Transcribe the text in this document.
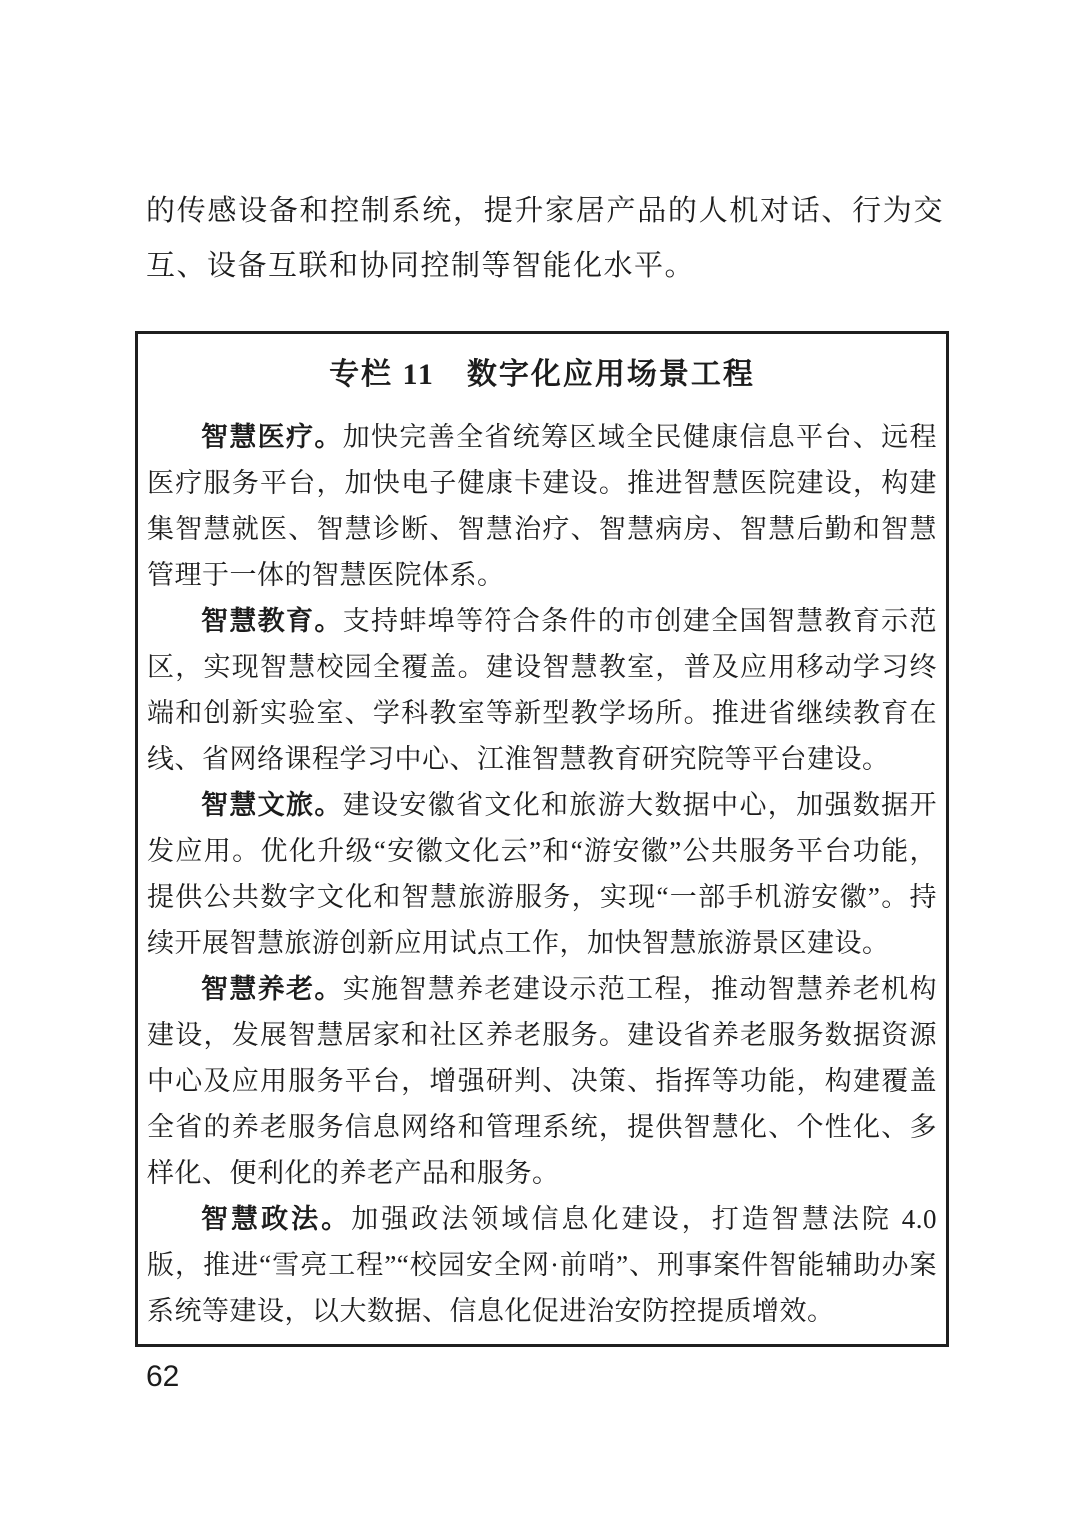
的传感设备和控制系统，提升家居产品的人机对话、行为交互、设备互联和协同控制等智能化水平。

专栏 11　数字化应用场景工程

智慧医疗。加快完善全省统筹区域全民健康信息平台、远程医疗服务平台，加快电子健康卡建设。推进智慧医院建设，构建集智慧就医、智慧诊断、智慧治疗、智慧病房、智慧后勤和智慧管理于一体的智慧医院体系。

智慧教育。支持蚌埠等符合条件的市创建全国智慧教育示范区，实现智慧校园全覆盖。建设智慧教室，普及应用移动学习终端和创新实验室、学科教室等新型教学场所。推进省继续教育在线、省网络课程学习中心、江淮智慧教育研究院等平台建设。

智慧文旅。建设安徽省文化和旅游大数据中心，加强数据开发应用。优化升级“安徽文化云”和“游安徽”公共服务平台功能，提供公共数字文化和智慧旅游服务，实现“一部手机游安徽”。持续开展智慧旅游创新应用试点工作，加快智慧旅游景区建设。

智慧养老。实施智慧养老建设示范工程，推动智慧养老机构建设，发展智慧居家和社区养老服务。建设省养老服务数据资源中心及应用服务平台，增强研判、决策、指挥等功能，构建覆盖全省的养老服务信息网络和管理系统，提供智慧化、个性化、多样化、便利化的养老产品和服务。

智慧政法。加强政法领域信息化建设，打造智慧法院 4.0 版，推进“雪亮工程”“校园安全网·前哨”、刑事案件智能辅助办案系统等建设，以大数据、信息化促进治安防控提质增效。

62
